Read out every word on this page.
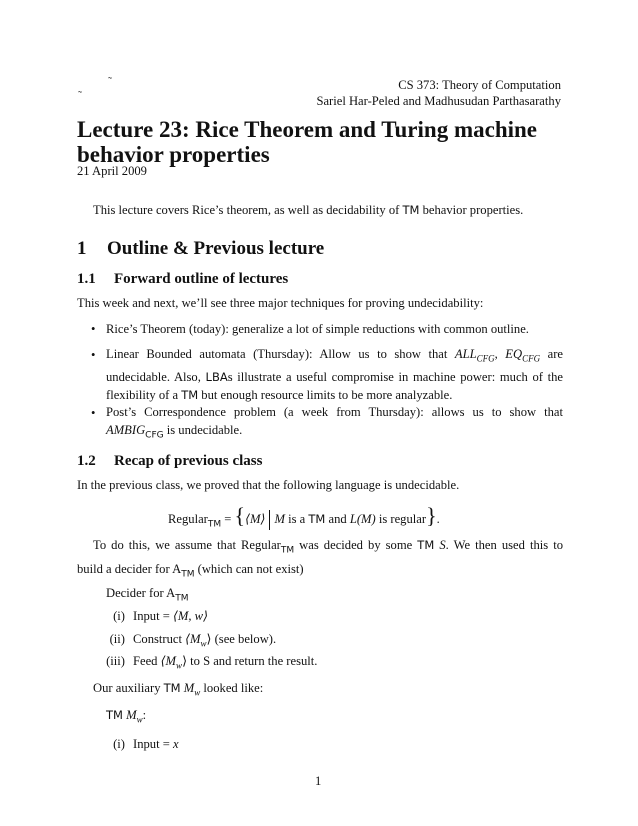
˜
˜
CS 373: Theory of Computation
Sariel Har-Peled and Madhusudan Parthasarathy
Lecture 23: Rice Theorem and Turing machine behavior properties
21 April 2009
This lecture covers Rice’s theorem, as well as decidability of TM behavior properties.
1 Outline & Previous lecture
1.1 Forward outline of lectures
This week and next, we’ll see three major techniques for proving undecidability:
• Rice’s Theorem (today): generalize a lot of simple reductions with common outline.
• Linear Bounded automata (Thursday): Allow us to show that $ALL_{CFG}$, $EQ_{CFG}$ are
undecidable. Also, LBAs illustrate a useful compromise in machine power: much of the
flexibility of a TM but enough resource limits to be more analyzable.
• Post’s Correspondence problem (a week from Thursday): allows us to show that
$AMBIG_{CFG}$ is undecidable.
1.2 Recap of previous class
In the previous class, we proved that the following language is undecidable.
Regular$_{TM}$ = {⟨M⟩ M is a TM and L(M) is regular}.
To do this, we assume that Regular$_{TM}$ was decided by some TM S. We then used this to
build a decider for $A_{TM}$ (which can not exist)
Decider for $A_{TM}$
(i) Input = ⟨M, w⟩
(ii) Construct $⟨M_w⟩$ (see below).
(iii) Feed $⟨M_w⟩$ to S and return the result.
Our auxiliary TM $M_w$ looked like:
TM $M_w$:
(i) Input = x
1
